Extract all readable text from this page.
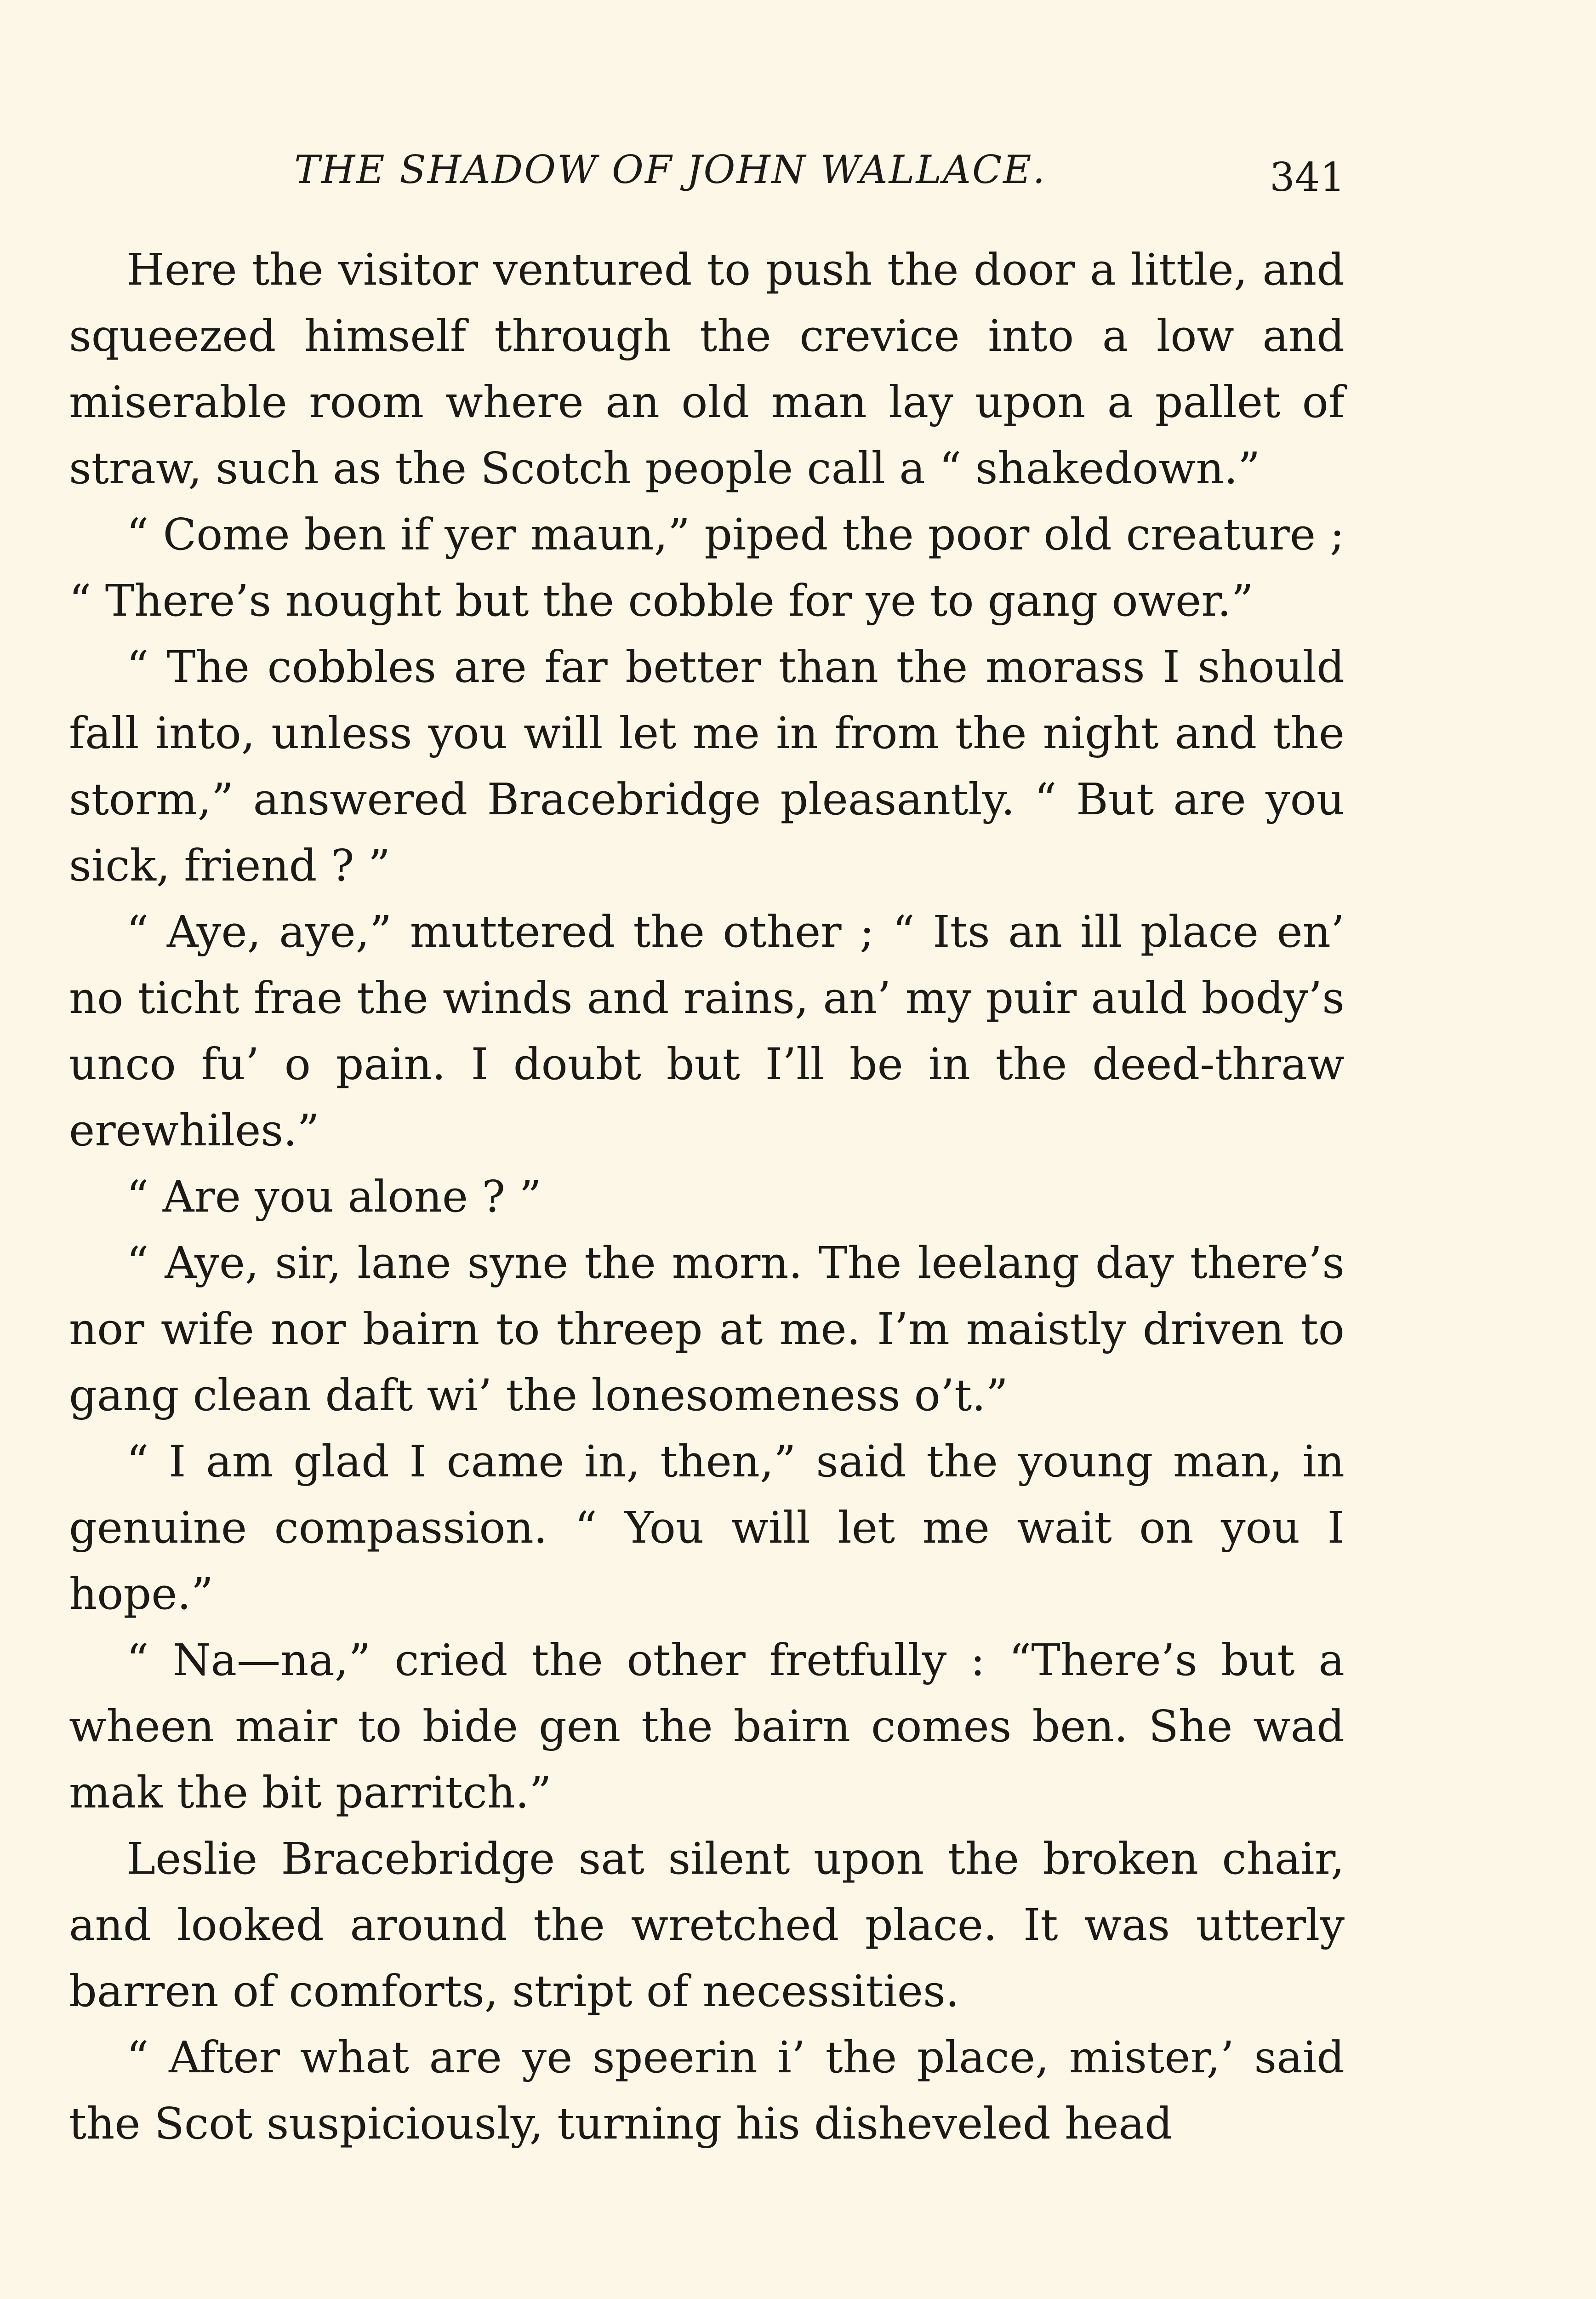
THE SHADOW OF JOHN WALLACE.	341

Here the visitor ventured to push the door a little, and squeezed himself through the crevice into a low and miserable room where an old man lay upon a pallet of straw, such as the Scotch people call a “ shakedown.”

“ Come ben if yer maun,” piped the poor old creature ; “ There’s nought but the cobble for ye to gang ower.”

“ The cobbles are far better than the morass I should fall into, unless you will let me in from the night and the storm,” answered Bracebridge pleasantly. “ But are you sick, friend ? ”

“ Aye, aye,” muttered the other ; “ Its an ill place en’ no ticht frae the winds and rains, an’ my puir auld body’s unco fu’ o pain. I doubt but I’ll be in the deed-thraw erewhiles.”

“ Are you alone ? ”

“ Aye, sir, lane syne the morn. The leelang day there’s nor wife nor bairn to threep at me. I’m maistly driven to gang clean daft wi’ the lonesomeness o’t.”

“ I am glad I came in, then,” said the young man, in genuine compassion. “ You will let me wait on you I hope.”

“ Na—na,” cried the other fretfully : “There’s but a wheen mair to bide gen the bairn comes ben. She wad mak the bit parritch.”

Leslie Bracebridge sat silent upon the broken chair, and looked around the wretched place. It was utterly barren of comforts, stript of necessities.

“ After what are ye speerin i’ the place, mister,’ said the Scot suspiciously, turning his disheveled head
